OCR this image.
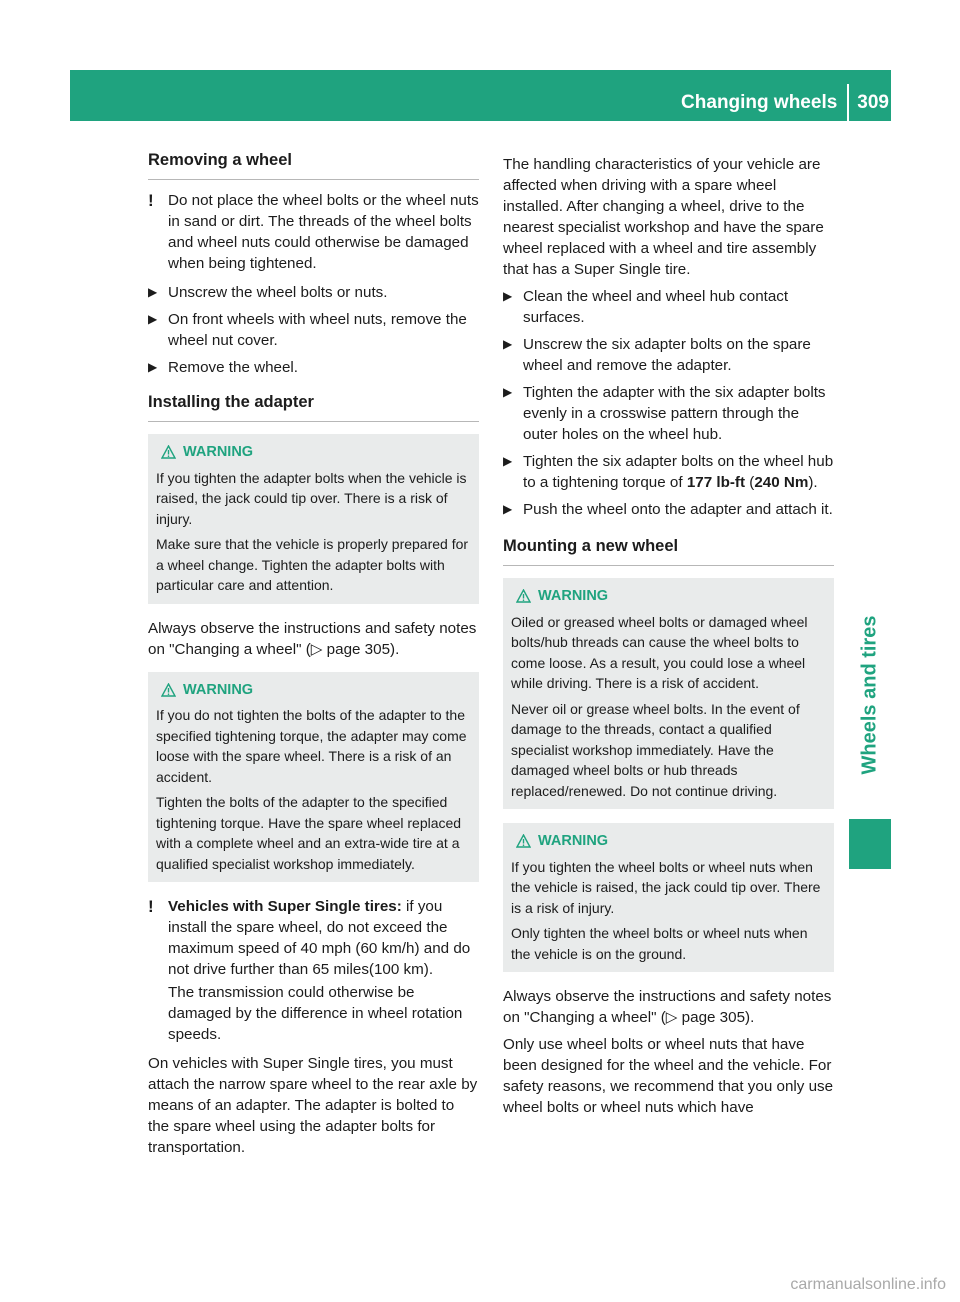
Changing wheels 309
Wheels and tires
Removing a wheel
! Do not place the wheel bolts or the wheel nuts in sand or dirt. The threads of the wheel bolts and wheel nuts could otherwise be damaged when being tightened.
▶ Unscrew the wheel bolts or nuts.
▶ On front wheels with wheel nuts, remove the wheel nut cover.
▶ Remove the wheel.
Installing the adapter
WARNING

If you tighten the adapter bolts when the vehicle is raised, the jack could tip over. There is a risk of injury.

Make sure that the vehicle is properly prepared for a wheel change. Tighten the adapter bolts with particular care and attention.

Always observe the instructions and safety notes on "Changing a wheel" (▷ page 305).

WARNING

If you do not tighten the bolts of the adapter to the specified tightening torque, the adapter may come loose with the spare wheel. There is a risk of an accident.

Tighten the bolts of the adapter to the specified tightening torque. Have the spare wheel replaced with a complete wheel and an extra-wide tire at a qualified specialist workshop immediately.

! Vehicles with Super Single tires: if you install the spare wheel, do not exceed the maximum speed of 40 mph (60 km/h) and do not drive further than 65 miles(100 km).
The transmission could otherwise be damaged by the difference in wheel rotation speeds.

On vehicles with Super Single tires, you must attach the narrow spare wheel to the rear axle by means of an adapter. The adapter is bolted to the spare wheel using the adapter bolts for transportation.

The handling characteristics of your vehicle are affected when driving with a spare wheel installed. After changing a wheel, drive to the nearest specialist workshop and have the spare wheel replaced with a wheel and tire assembly that has a Super Single tire.

▶ Clean the wheel and wheel hub contact surfaces.
▶ Unscrew the six adapter bolts on the spare wheel and remove the adapter.
▶ Tighten the adapter with the six adapter bolts evenly in a crosswise pattern through the outer holes on the wheel hub.
▶ Tighten the six adapter bolts on the wheel hub to a tightening torque of 177 lb-ft (240 Nm).
▶ Push the wheel onto the adapter and attach it.
Mounting a new wheel
WARNING

Oiled or greased wheel bolts or damaged wheel bolts/hub threads can cause the wheel bolts to come loose. As a result, you could lose a wheel while driving. There is a risk of accident.

Never oil or grease wheel bolts. In the event of damage to the threads, contact a qualified specialist workshop immediately. Have the damaged wheel bolts or hub threads replaced/renewed. Do not continue driving.

WARNING

If you tighten the wheel bolts or wheel nuts when the vehicle is raised, the jack could tip over. There is a risk of injury.

Only tighten the wheel bolts or wheel nuts when the vehicle is on the ground.

Always observe the instructions and safety notes on "Changing a wheel" (▷ page 305).

Only use wheel bolts or wheel nuts that have been designed for the wheel and the vehicle. For safety reasons, we recommend that you only use wheel bolts or wheel nuts which have

carmanualsonline.info
